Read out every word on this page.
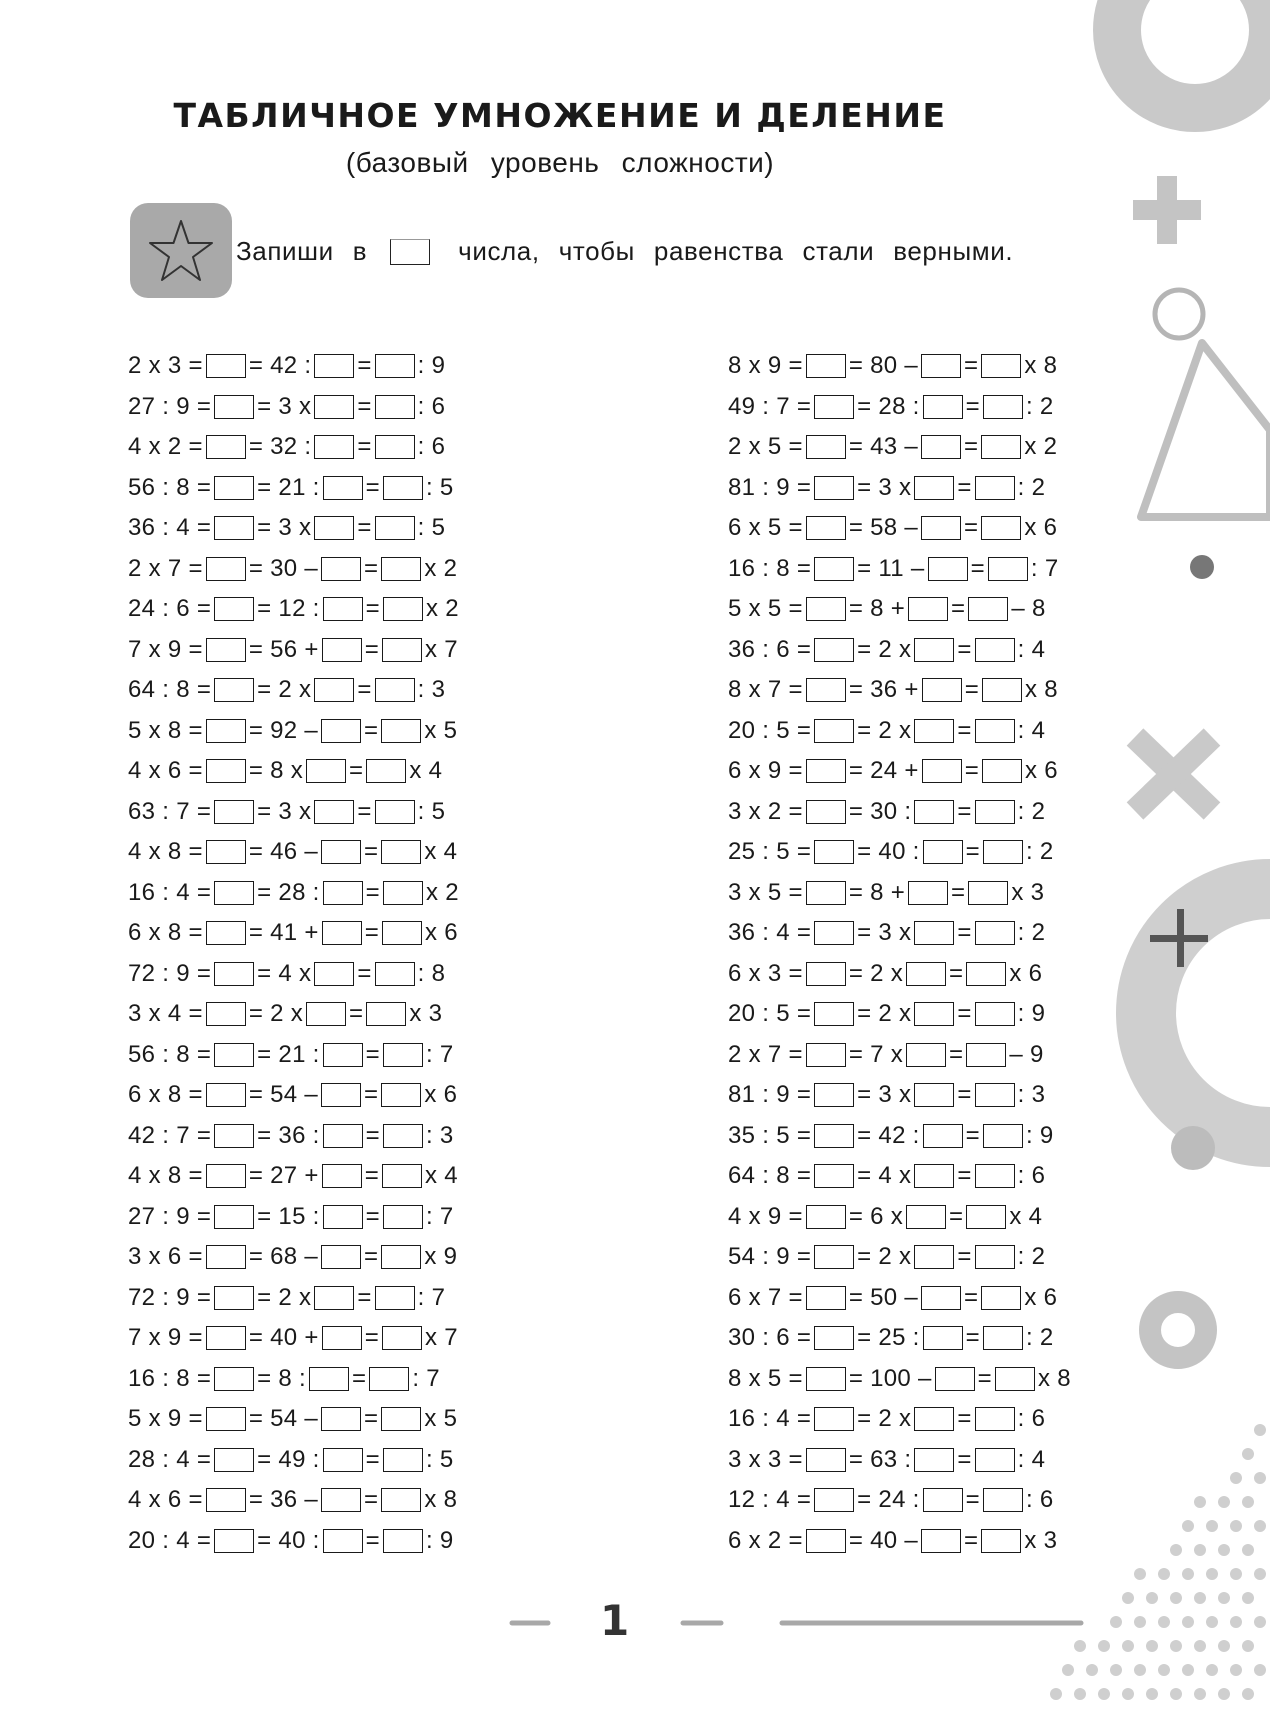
ТАБЛИЧНОЕ УМНОЖЕНИЕ И ДЕЛЕНИЕ
(базовый уровень сложности)
Запиши в	числа, чтобы равенства стали верными.
2 x 3 = = 42 : = : 9
27 : 9 = = 3 x = : 6
4 x 2 = = 32 : = : 6
56 : 8 = = 21 : = : 5
36 : 4 = = 3 x = : 5
2 x 7 = = 30 – = x 2
24 : 6 = = 12 : = x 2
7 x 9 = = 56 + = x 7
64 : 8 = = 2 x = : 3
5 x 8 = = 92 – = x 5
4 x 6 = = 8 x = x 4
63 : 7 = = 3 x = : 5
4 x 8 = = 46 – = x 4
16 : 4 = = 28 : = x 2
6 x 8 = = 41 + = x 6
72 : 9 = = 4 x = : 8
3 x 4 = = 2 x = x 3
56 : 8 = = 21 : = : 7
6 x 8 = = 54 – = x 6
42 : 7 = = 36 : = : 3
4 x 8 = = 27 + = x 4
27 : 9 = = 15 : = : 7
3 x 6 = = 68 – = x 9
72 : 9 = = 2 x = : 7
7 x 9 = = 40 + = x 7
16 : 8 = = 8 : = : 7
5 x 9 = = 54 – = x 5
28 : 4 = = 49 : = : 5
4 x 6 = = 36 – = x 8
20 : 4 = = 40 : = : 9
8 x 9 = = 80 – = x 8
49 : 7 = = 28 : = : 2
2 x 5 = = 43 – = x 2
81 : 9 = = 3 x = : 2
6 x 5 = = 58 – = x 6
16 : 8 = = 11 – = : 7
5 x 5 = = 8 + = – 8
36 : 6 = = 2 x = : 4
8 x 7 = = 36 + = x 8
20 : 5 = = 2 x = : 4
6 x 9 = = 24 + = x 6
3 x 2 = = 30 : = : 2
25 : 5 = = 40 : = : 2
3 x 5 = = 8 + = x 3
36 : 4 = = 3 x = : 2
6 x 3 = = 2 x = x 6
20 : 5 = = 2 x = : 9
2 x 7 = = 7 x = – 9
81 : 9 = = 3 x = : 3
35 : 5 = = 42 : = : 9
64 : 8 = = 4 x = : 6
4 x 9 = = 6 x = x 4
54 : 9 = = 2 x = : 2
6 x 7 = = 50 – = x 6
30 : 6 = = 25 : = : 2
8 x 5 = = 100 – = x 8
16 : 4 = = 2 x = : 6
3 x 3 = = 63 : = : 4
12 : 4 = = 24 : = : 6
6 x 2 = = 40 – = x 3
1
